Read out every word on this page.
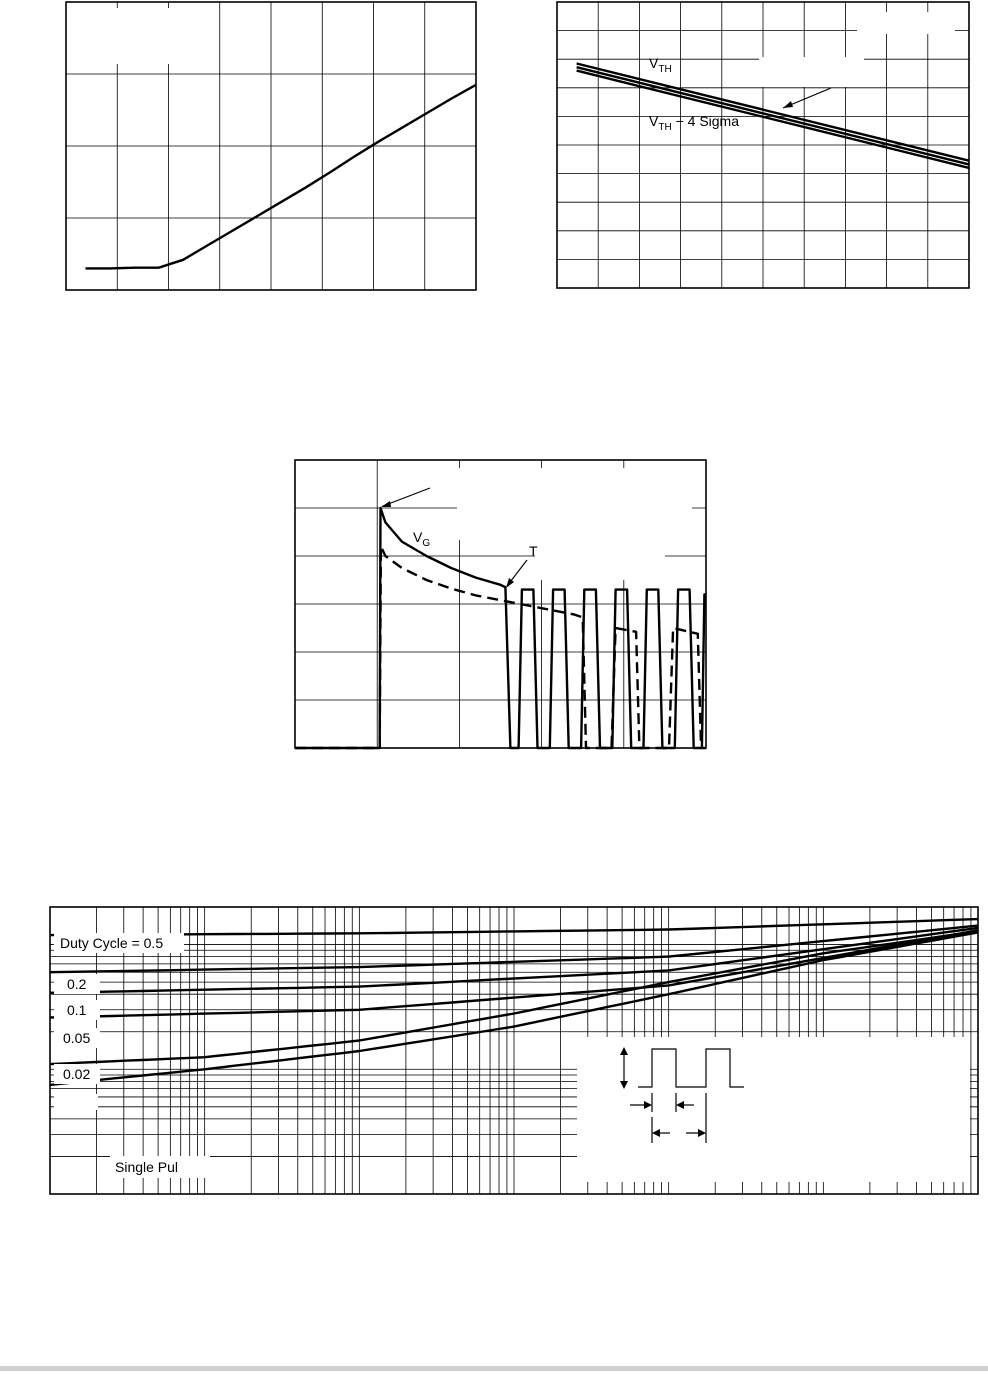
$V_{TH}$
$V_{TH} - 4$ Sigma
$V_G$	T
Duty Cycle = 0.5
0.2
0.1
0.05
0.02
Single Pul
